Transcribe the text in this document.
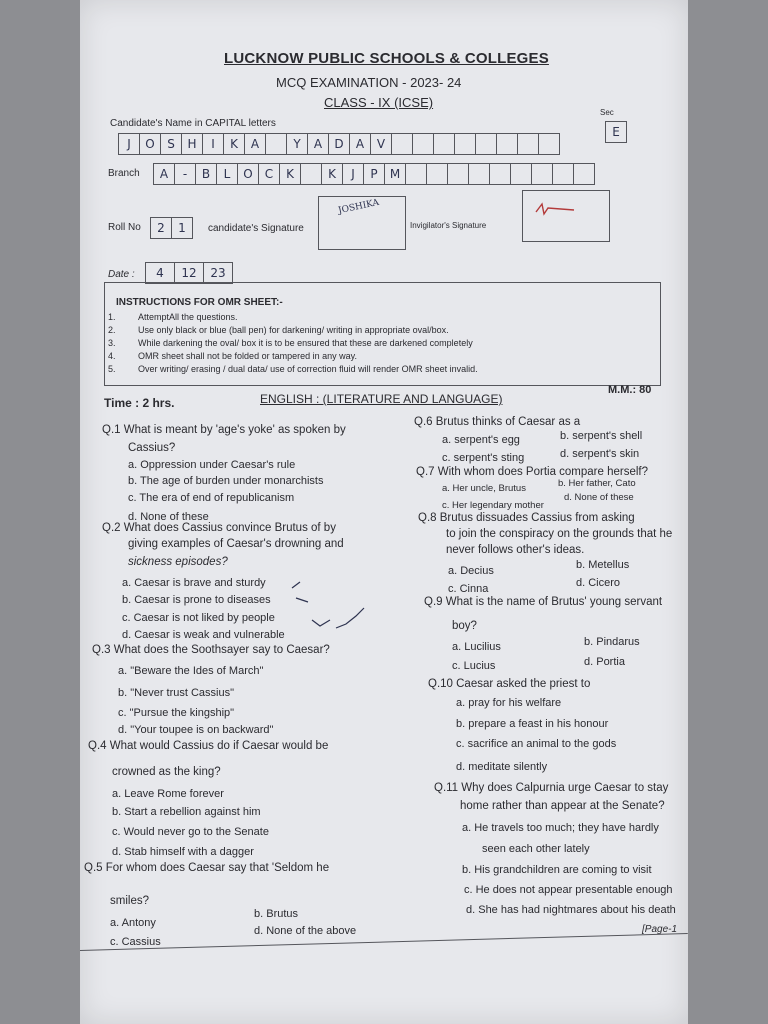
LUCKNOW PUBLIC SCHOOLS & COLLEGES
MCQ EXAMINATION - 2023- 24
CLASS - IX (ICSE)
Candidate's Name in CAPITAL letters
J	O	S	H	I	K	A	Y	A	D	A	V
Sec
E
Branch	A	-	B	L	O	C	K	K	J	P	M
Roll No	2	1	candidate's Signature
JOSHIKA
Invigilator's Signature
Date :	4	12	23
INSTRUCTIONS FOR OMR SHEET:-
1. AttemptAll the questions.
2. Use only black or blue (ball pen) for darkening/ writing in appropriate oval/box.
3. While darkening the oval/ box it is to be ensured that these are darkened completely
4. OMR sheet shall not be folded or tampered in any way.
5. Over writing/ erasing / dual data/ use of correction fluid will render OMR sheet invalid.
Time : 2 hrs.	ENGLISH : (LITERATURE AND LANGUAGE)
M.M.: 80
Q.1 What is meant by 'age's yoke' as spoken by
Cassius?
a. Oppression under Caesar's rule
b. The age of burden under monarchists
c. The era of end of republicanism
d. None of these
Q.2 What does Cassius convince Brutus of by
giving examples of Caesar's drowning and
sickness episodes?
a. Caesar is brave and sturdy
b. Caesar is prone to diseases
c. Caesar is not liked by people
d. Caesar is weak and vulnerable
Q.3 What does the Soothsayer say to Caesar?
a. "Beware the Ides of March"
b. "Never trust Cassius"
c. "Pursue the kingship"
d. "Your toupee is on backward"
Q.4 What would Cassius do if Caesar would be
crowned as the king?
a. Leave Rome forever
b. Start a rebellion against him
c. Would never go to the Senate
d. Stab himself with a dagger
Q.5 For whom does Caesar say that 'Seldom he
smiles?
a. Antony
b. Brutus
c. Cassius
d. None of the above
Q.6 Brutus thinks of Caesar as a
a. serpent's egg	b. serpent's shell
c. serpent's sting	d. serpent's skin
Q.7 With whom does Portia compare herself?
a. Her uncle, Brutus	b. Her father, Cato
c. Her legendary mother
d. None of these
Q.8 Brutus dissuades Cassius from asking
to join the conspiracy on the grounds that he
never follows other's ideas.
a. Decius	b. Metellus
c. Cinna	d. Cicero
Q.9 What is the name of Brutus' young servant
boy?
a. Lucilius	b. Pindarus
c. Lucius	d. Portia
Q.10 Caesar asked the priest to
a. pray for his welfare
b. prepare a feast in his honour
c. sacrifice an animal to the gods
d. meditate silently
Q.11 Why does Calpurnia urge Caesar to stay
home rather than appear at the Senate?
a. He travels too much; they have hardly
seen each other lately
b. His grandchildren are coming to visit
c. He does not appear presentable enough
d. She has had nightmares about his death
[Page-1
